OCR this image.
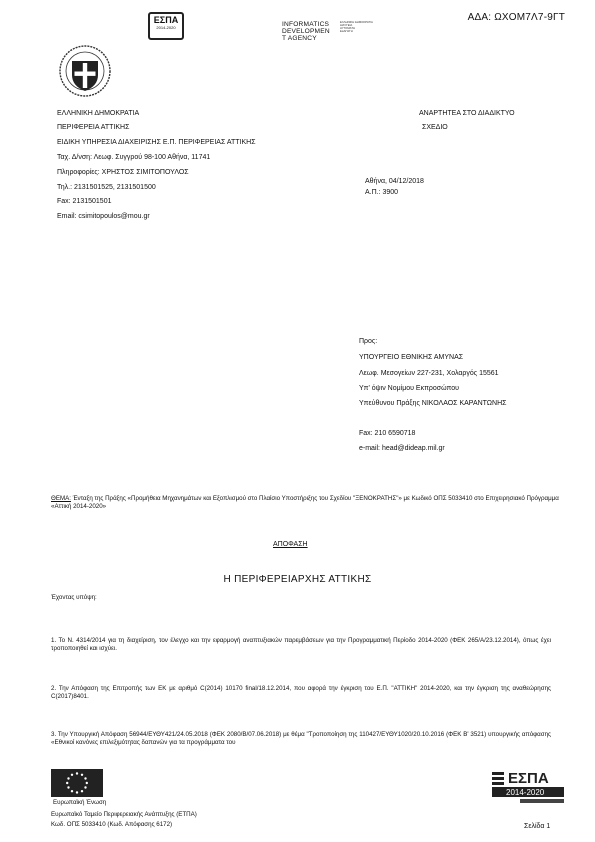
ΑΔΑ: ΩΧΟΜ7Λ7-9ΓΤ
ΕΣΠΑ
2014-2020	INFORMATICS
DEVELOPMEN
T AGENCY
ΕΛΛΗΝΙΚΗ ΔΗΜΟΚΡΑΤΙΑ
ΔΙΑΥΓΕΙΑ
ΑΥΤΟΜΑΤΗ
ΕΞΑΓΩΓΗ
ΕΛΛΗΝΙΚΗ ΔΗΜΟΚΡΑΤΙΑ
ΠΕΡΙΦΕΡΕΙΑ ΑΤΤΙΚΗΣ
ΕΙΔΙΚΗ ΥΠΗΡΕΣΙΑ ΔΙΑΧΕΙΡΙΣΗΣ Ε.Π. ΠΕΡΙΦΕΡΕΙΑΣ ΑΤΤΙΚΗΣ
Ταχ. Δ/νση: Λεωφ. Συγγρού 98-100 Αθήνα, 11741
Πληροφορίες: ΧΡΗΣΤΟΣ ΣΙΜΙΤΟΠΟΥΛΟΣ
Τηλ.: 2131501525, 2131501500
Fax: 2131501501
Email: csimitopoulos@mou.gr
ΑΝΑΡΤΗΤΕΑ ΣΤΟ ΔΙΑΔΙΚΤΥΟ
ΣΧΕΔΙΟ
Αθήνα, 04/12/2018
Α.Π.: 3900
Προς:
ΥΠΟΥΡΓΕΙΟ ΕΘΝΙΚΗΣ ΑΜΥΝΑΣ
Λεωφ. Μεσογείων 227-231, Χολαργός 15561
Υπ' όψιν Νομίμου Εκπροσώπου
Υπεύθυνου Πράξης ΝΙΚΟΛΑΟΣ ΚΑΡΑΝΤΩΝΗΣ
Fax: 210 6590718
e-mail: head@dideap.mil.gr
ΘΕΜΑ: Ένταξη της Πράξης «Προμήθεια Μηχανημάτων και Εξοπλισμού στο Πλαίσιο Υποστήριξης του Σχεδίου "ΞΕΝΟΚΡΑΤΗΣ"» με Κωδικό ΟΠΣ 5033410 στο Επιχειρησιακό Πρόγραμμα «Αττική 2014-2020»
ΑΠΟΦΑΣΗ
Η ΠΕΡΙΦΕΡΕΙΑΡΧΗΣ ΑΤΤΙΚΗΣ
Έχοντας υπόψη:
1. Το Ν. 4314/2014 για τη διαχείριση, τον έλεγχο και την εφαρμογή αναπτυξιακών παρεμβάσεων για την Προγραμματική Περίοδο 2014-2020 (ΦΕΚ 265/Α/23.12.2014), όπως έχει τροποποιηθεί και ισχύει.
2. Την Απόφαση της Επιτροπής των ΕΚ με αριθμό C(2014) 10170 final/18.12.2014, που αφορά την έγκριση του Ε.Π. "ΑΤΤΙΚΗ" 2014-2020, και την έγκριση της αναθεώρησης C(2017)8401.
3. Την Υπουργική Απόφαση 56944/ΕΥΘΥ421/24.05.2018 (ΦΕΚ 2080/Β/07.06.2018) με θέμα "Τροποποίηση της 110427/ΕΥΘΥ1020/20.10.2016 (ΦΕΚ Β' 3521) υπουργικής απόφασης «Εθνικοί κανόνες επιλεξιμότητας δαπανών για τα προγράμματα του
Ευρωπαϊκή Ένωση
Ευρωπαϊκό Ταμείο Περιφερειακής Ανάπτυξης (ΕΤΠΑ)
Κωδ. ΟΠΣ 5033410 (Κωδ. Απόφασης 6172)
ΕΣΠΑ
2014-2020
Σελίδα 1
